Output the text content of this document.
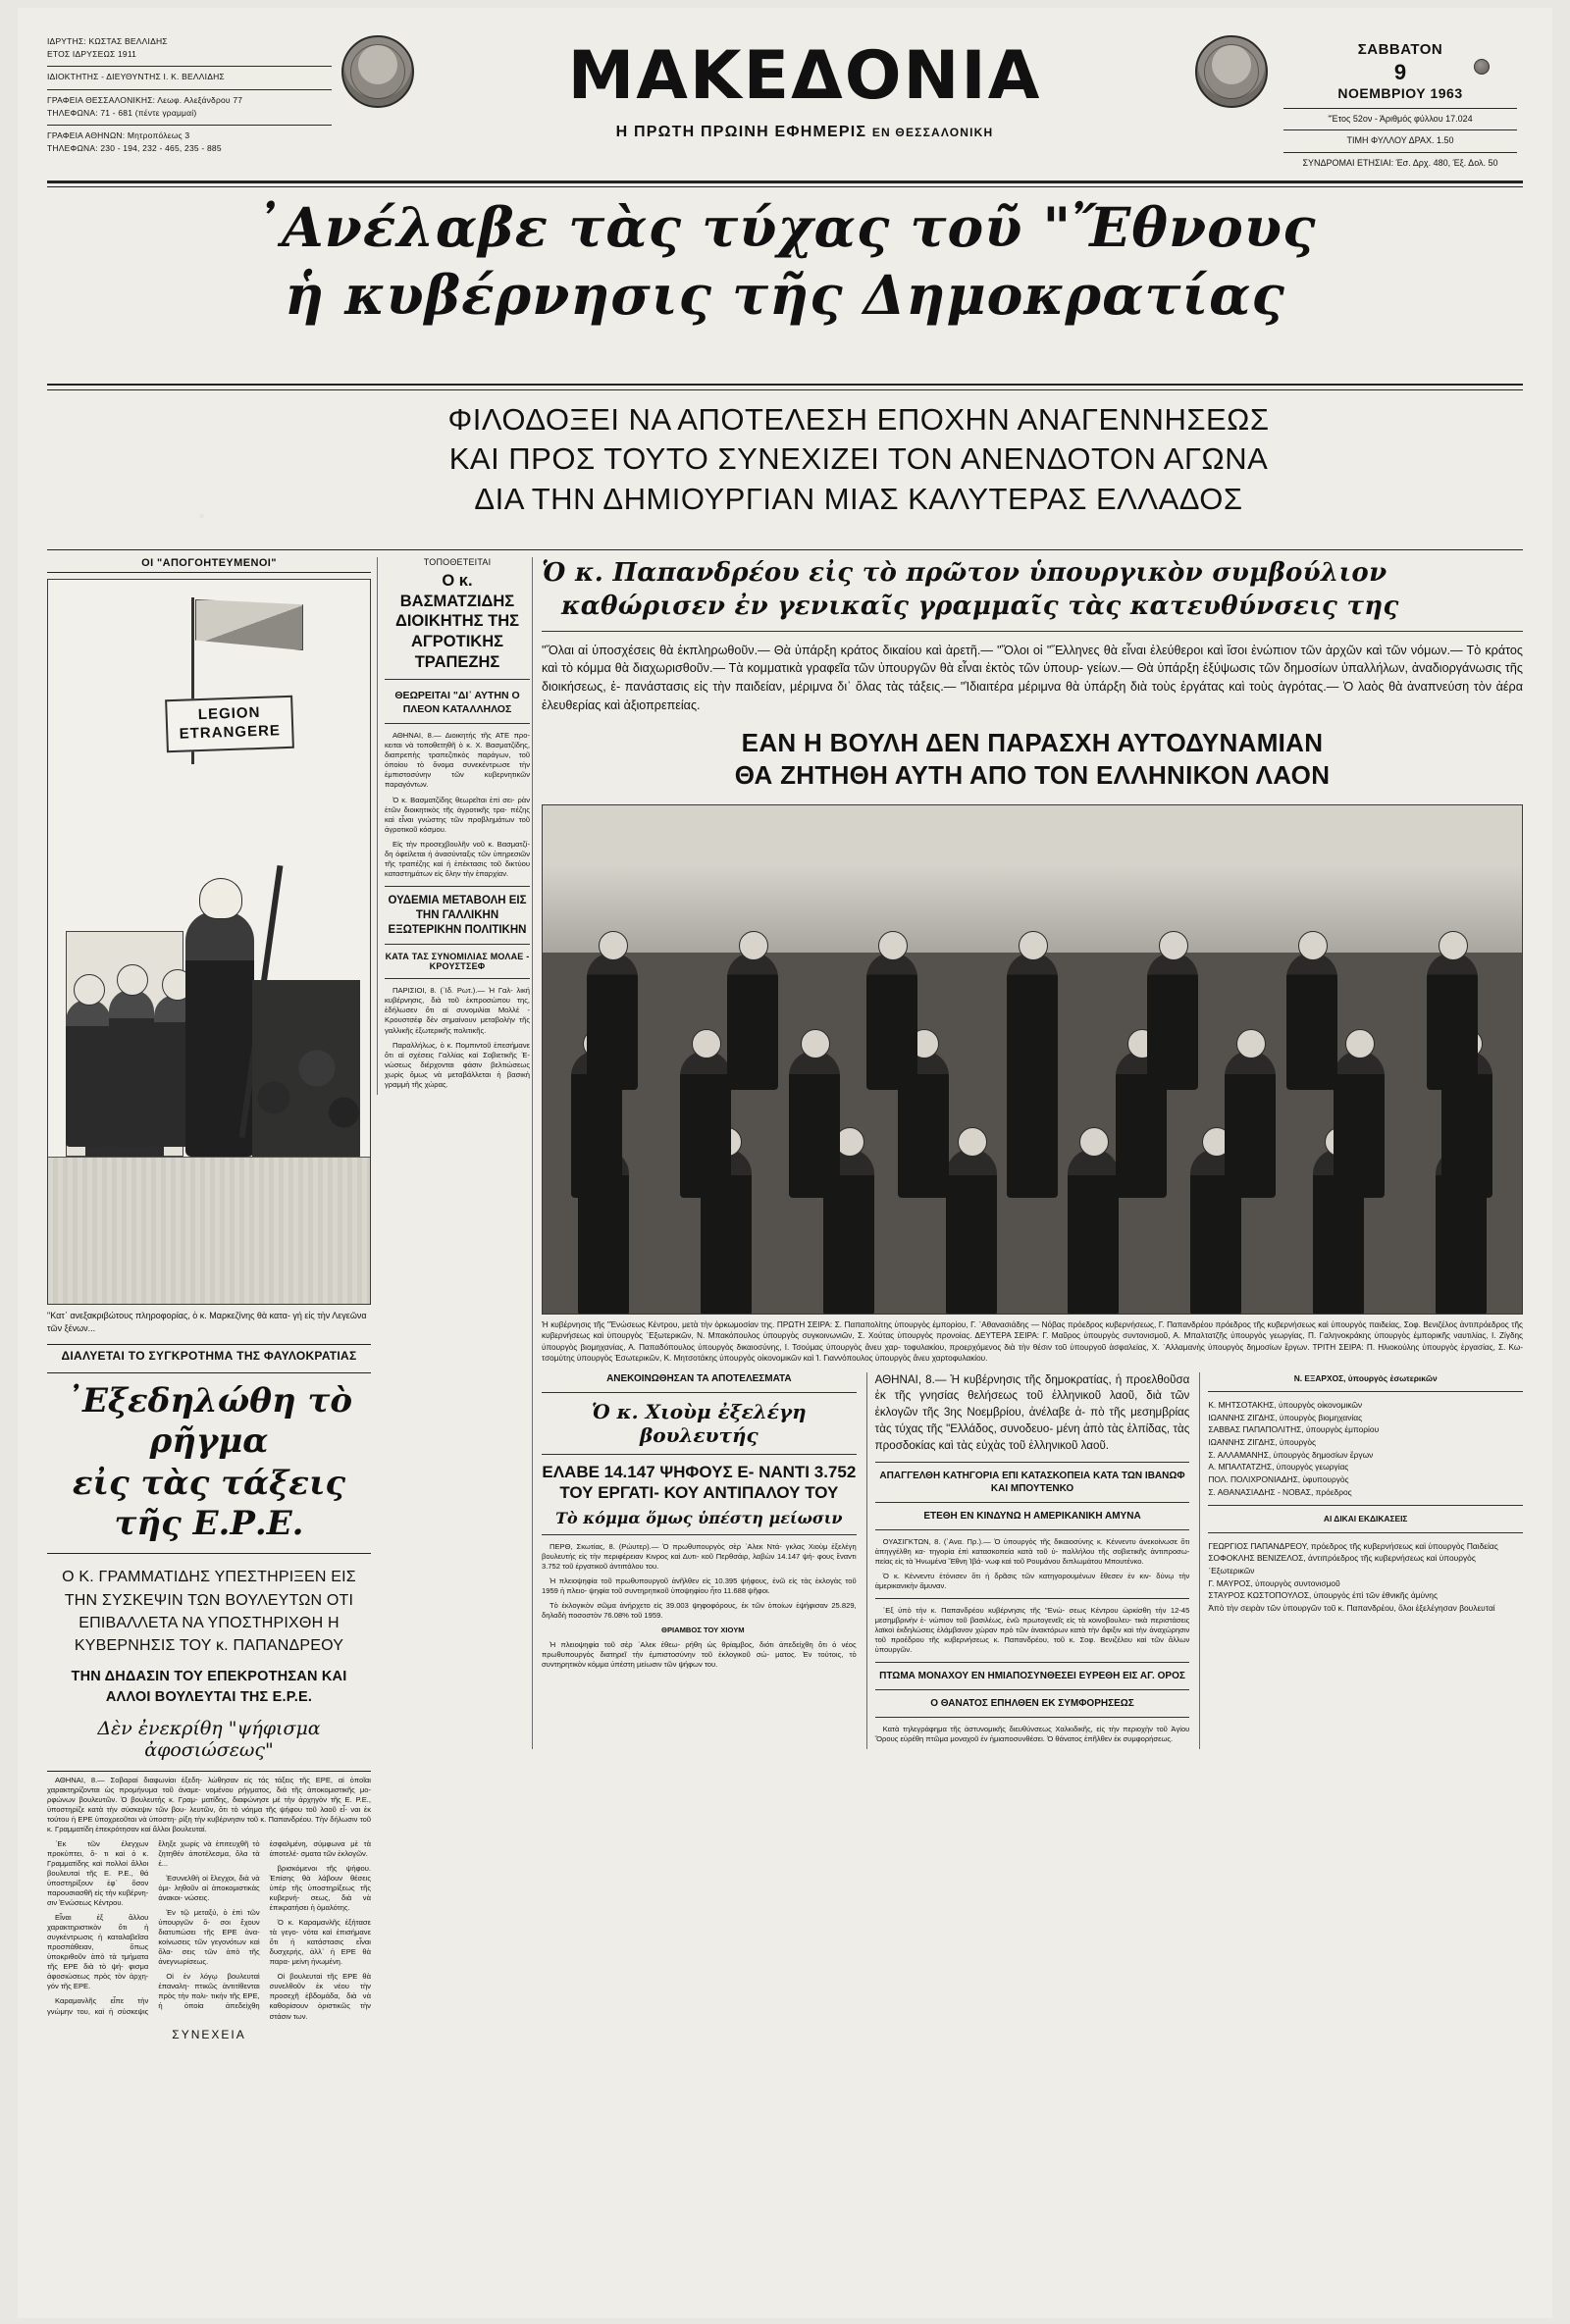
ΙΔΡΥΤΗΣ: ΚΩΣΤΑΣ ΒΕΛΛΙΔΗΣ
ΕΤΟΣ ΙΔΡΥΣΕΩΣ 1911
ΙΔΙΟΚΤΗΤΗΣ - ΔΙΕΥΘΥΝΤΗΣ Ι. Κ. ΒΕΛΛΙΔΗΣ
ΓΡΑΦΕΙΑ ΘΕΣΣΑΛΟΝΙΚΗΣ: Λεωφ. Αλεξάνδρου 77
ΤΗΛΕΦΩΝΑ: 71 - 681 (πέντε γραμμαί)
ΓΡΑΦΕΙΑ ΑΘΗΝΩΝ: Μητροπόλεως 3
ΤΗΛΕΦΩΝΑ: 230 - 194, 232 - 465, 235 - 885
ΜΑΚΕΔΟΝΙΑ
Η ΠΡΩΤΗ ΠΡΩΙΝΗ ΕΦΗΜΕΡΙΣ ΕΝ ΘΕΣΣΑΛΟΝΙΚΗ
ΣΑΒΒΑΤΟΝ
9
ΝΟΕΜΒΡΙΟΥ 1963
"Έτος 52ον - Άριθμός φύλλου 17.024
ΤΙΜΗ ΦΥΛΛΟΥ ΔΡΑΧ. 1.50
ΣΥΝΔΡΟΜΑΙ ΕΤΗΣΙΑΙ: Έσ. Δρχ. 480, Έξ. Δολ. 50
᾽Ανέλαβε τὰς τύχας τοῦ "Ἔθνους
ἡ κυβέρνησις τῆς Δημοκρατίας
ΦΙΛΟΔΟΞΕΙ ΝΑ ΑΠΟΤΕΛΕΣΗ ΕΠΟΧΗΝ ΑΝΑΓΕΝΝΗΣΕΩΣ
ΚΑΙ ΠΡΟΣ ΤΟΥΤΟ ΣΥΝΕΧΙΖΕΙ ΤΟΝ ΑΝΕΝΔΟΤΟΝ ΑΓΩΝΑ
ΔΙΑ ΤΗΝ ΔΗΜΙΟΥΡΓΙΑΝ ΜΙΑΣ ΚΑΛΥΤΕΡΑΣ ΕΛΛΑΔΟΣ
ΟΙ "ΑΠΟΓΟΗΤΕΥΜΕΝΟΙ"
LEGION ETRANGERE
"Κατ᾽ ανεξακριβώτους πληροφορίας, ὁ κ. Μαρκεζίνης θὰ κατα- γή εἰς τὴν Λεγεῶνα τῶν ξένων...
ΔΙΑΛΥΕΤΑΙ ΤΟ ΣΥΓΚΡΟΤΗΜΑ ΤΗΣ ΦΑΥΛΟΚΡΑΤΙΑΣ
᾽Εξεδηλώθη τὸ ρῆγμα
εἰς τὰς τάξεις τῆς Ε.Ρ.Ε.
Ο Κ. ΓΡΑΜΜΑΤΙΔΗΣ ΥΠΕΣΤΗΡΙΞΕΝ ΕΙΣ ΤΗΝ ΣΥΣΚΕΨΙΝ ΤΩΝ ΒΟΥΛΕΥΤΩΝ ΟΤΙ ΕΠΙΒΑΛΛΕΤΑ ΝΑ ΥΠΟΣΤΗΡΙΧΘΗ Η ΚΥΒΕΡΝΗΣΙΣ ΤΟΥ κ. ΠΑΠΑΝΔΡΕΟΥ
ΤΗΝ ΔΗΔΑΣΙΝ ΤΟΥ ΕΠΕΚΡΟΤΗΣΑΝ ΚΑΙ ΑΛΛΟΙ ΒΟΥΛΕΥΤΑΙ ΤΗΣ Ε.Ρ.Ε.
Δὲν ἐνεκρίθη "ψήφισμα ἀφοσιώσεως"

ΑΘΗΝΑΙ, 8.— Σοβαραί διαφωνίαι έξεδη- λώθησαν είς τάς τάξεις τῆς ΕΡΕ, αἱ ὁποῖαι χαρακτηρίζονται ὡς προμήνυμα τοῦ ἀναμε- νομένου ρήγματος, διά τῆς ἀποκομιστικῆς μο- ρφώνων βουλευτῶν. Ὁ βουλευτής κ. Γραμ- ματίδης, διαφώνησε μέ τὴν ἀρχηγὸν τῆς Ε. Ρ.Ε., ὑποστηρίζε κατὰ τὴν σύσκεψιν τῶν βου- λευτῶν, ὅτι τὸ νόημα τῆς ψήφου τοῦ λαοῦ εἶ- ναι ἐκ τούτου ἡ ΕΡΕ ὑποχρεοῦται νὰ ὑποστη- ρίξη τὴν κυβέρνησιν τοῦ κ. Παπανδρέου. Τὴν δήλωσιν τοῦ κ. Γραμματίδη ἐπεκρότησαν καί ἄλλοι βουλευταί.

᾽Εκ τῶν ἐλεγχων προκύπτει, ὅ- τι καὶ ὁ κ. Γραμματίδης καὶ πολλοί ἄλλοι βουλευταί τῆς Ε. Ρ.Ε., θά ὑποστηρίξουν ἐφ᾽ ὅσον παρουσιασθῆ εἰς τὴν κυβέρνη- σιν Ἑνώσεως Κέντρου.

Εἶναι ἐξ ἄλλου χαρακτηριστικὸν ὅτι ἡ συγκέντρωσις ἡ καταλαβεῖσα προσπάθειαν, ὅπως ὑποκριθοῦν ἀπὸ τὰ τμήματα τῆς ΕΡΕ διὰ τὸ ψή- φισμα ἀφοσιώσεως πρὸς τὸν ἀρχη- γόν τῆς ΕΡΕ.

Καραμανλῆς εἶπε τὴν γνώμην του, καὶ ἡ σύσκεψις ἔληξε χωρίς νὰ ἐπιτευχθῆ τὸ ζητηθέν ἀποτέλεσμα, ὅλα τὰ ἐ...

Ἐσυνελθὴ οἱ ἔλεγχοι, διὰ νὰ ὁμι- ληθοῦν αἱ ἀποκομιστικὰς ἀνακοι- νώσεις.

Ἐν τῷ μεταξύ, ὁ ἐπὶ τῶν ὑπουργῶν ὅ- σοι ἔχουν διατυπώσει τῆς ΕΡΕ ἀνα- κοίνωσεις τῶν γεγονότων καὶ ὅλα- σεις τῶν ἀπὸ τῆς ἀνεγνωρίσεως.

Οἱ ἐν λόγῳ βουλευταὶ ἐπαναλη- πτικῶς ἀντιτίθενται πρὸς τὴν πολι- τικήν τῆς ΕΡΕ, ἡ ὁποία ἀπεδείχθη ἐσφαλμένη, σύμφωνα μὲ τὰ ἀποτελέ- σματα τῶν ἐκλογῶν.

βρισκόμενοι τῆς ψήφου. Ἐπίσης θὰ λάβουν θέσεις ὑπέρ τῆς ὑποστηρίξεως τῆς κυβερνή- σεως, διὰ νὰ ἐπικρατήσει ἡ ὁμαλότης.

Ὁ κ. Καραμανλῆς ἐξήτασε τὰ γεγο- νότα καὶ ἐπισήμανε ὅτι ἡ κατάστασις εἶναι δυσχερής, ἀλλ᾽ ἡ ΕΡΕ θὰ παρα- μείνη ἡνωμένη.

Οἱ βουλευταὶ τῆς ΕΡΕ θὰ συνελθοῦν ἐκ νέου τὴν προσεχῆ ἑβδομάδα, διὰ νὰ καθορίσουν ὁριστικῶς τὴν στάσιν των.

ΣΥΝΕΧΕΙΑ
ΤΟΠΟΘΕΤΕΙΤΑΙ
Ο κ. ΒΑΣΜΑΤΖΙΔΗΣ ΔΙΟΙΚΗΤΗΣ ΤΗΣ ΑΓΡΟΤΙΚΗΣ ΤΡΑΠΕΖΗΣ
ΘΕΩΡΕΙΤΑΙ "ΔΙ᾽ ΑΥΤΗΝ Ο ΠΛΕΟΝ ΚΑΤΑΛΛΗΛΟΣ

ΑΘΗΝΑΙ, 8.— Διοικητής τῆς ΑΤΕ προ- κειται νὰ τοποθετηθῆ ὁ κ. Χ. Βασματζίδης, διαπρεπὴς τραπεζιτικὸς παράγων, τοῦ ὁποίου τὸ ὄνομα συνεκέντρωσε τὴν ἐμπιστοσύνην τῶν κυβερνητικῶν παραγόντων.

Ὁ κ. Βασματζίδης θεωρεῖται ἐπὶ σει- ρὰν ἐτῶν διοικητικὸς τῆς ἀγροτικῆς τρα- πέζης καὶ εἶναι γνώστης τῶν προβλημάτων τοῦ ἀγροτικοῦ κόσμου.

Εἰς τὴν προσεχβουλῆν νοῦ κ. Βασματζί- δη ὀφείλεται ἡ ἀνασύνταξις τῶν ὑπηρεσιῶν τῆς τραπέζης καὶ ἡ ἐπέκτασις τοῦ δικτύου καταστημάτων εἰς ὅλην τὴν ἐπαρχίαν.

ΟΥΔΕΜΙΑ ΜΕΤΑΒΟΛΗ ΕΙΣ ΤΗΝ ΓΑΛΛΙΚΗΝ ΕΞΩΤΕΡΙΚΗΝ ΠΟΛΙΤΙΚΗΝ
ΚΑΤΑ ΤΑΣ ΣΥΝΟΜΙΛΙΑΣ ΜΟΛΑΕ - ΚΡΟΥΣΤΣΕΦ

ΠΑΡΙΣΙΟΙ, 8. (᾽Ιδ. Ρωτ.).— Ἡ Γαλ- λική κυβέρνησις, διὰ τοῦ ἐκπροσώπου της, ἐδήλωσεν ὅτι αἱ συνομιλίαι Μολλέ - Κρουστσέφ δὲν σημαίνουν μεταβολὴν τῆς γαλλικῆς ἐξωτερικῆς πολιτικῆς.

Παραλλήλως, ὁ κ. Πομπιντοῦ ἐπεσήμανε ὅτι αἱ σχέσεις Γαλλίας καὶ Σοβιετικῆς Ἑ- νώσεως διέρχονται φάσιν βελτιώσεως χωρὶς ὅμως νὰ μεταβάλλεται ἡ βασικὴ γραμμὴ τῆς χώρας.

Ὁ κ. Παπανδρέου εἰς τὸ πρῶτον ὑπουργικὸν συμβούλιον
καθώρισεν ἐν γενικαῖς γραμμαῖς τὰς κατευθύνσεις της
"Ὅλαι αἱ ὑποσχέσεις θὰ ἐκπληρωθοῦν.— Θὰ ὑπάρξη κράτος δικαίου καὶ ἀρετῆ.— "Ὅλοι οἱ "Ἕλληνες θὰ εἶναι ἐλεύθεροι καὶ ἴσοι ἐνώπιον τῶν ἀρχῶν καὶ τῶν νόμων.— Τὸ κράτος καὶ τὸ κόμμα θὰ διαχωρισθοῦν.— Τὰ κομματικὰ γραφεῖα τῶν ὑπουργῶν θὰ εἶναι ἐκτὸς τῶν ὑπουρ- γείων.— Θὰ ὑπάρξη ἐξύψωσις τῶν δημοσίων ὑπαλλήλων, ἀναδιοργάνωσις τῆς διοικήσεως, ἐ- πανάστασις εἰς τὴν παιδείαν, μέριμνα δι᾽ ὅλας τὰς τάξεις.— "Ἰδιαιτέρα μέριμνα θὰ ὑπάρξη διὰ τοὺς ἐργάτας καὶ τοὺς ἀγρότας.— Ὁ λαὸς θὰ ἀναπνεύση τὸν ἀέρα ἐλευθερίας καὶ ἀξιοπρεπείας.
ΕΑΝ Η ΒΟΥΛΗ ΔΕΝ ΠΑΡΑΣΧΗ ΑΥΤΟΔΥΝΑΜΙΑΝ
ΘΑ ΖΗΤΗΘΗ ΑΥΤΗ ΑΠΟ ΤΟΝ ΕΛΛΗΝΙΚΟΝ ΛΑΟΝ
Ἡ κυβέρνησις τῆς "Ἑνώσεως Κέντρου, μετὰ τὴν ὁρκωμοσίαν της. ΠΡΩΤΗ ΣΕΙΡΑ: Σ. Παπαπολίτης ὑπουργὸς ἐμπορίου, Γ. ᾽Αθανασιάδης — Νόβας πρόεδρος κυβερνήσεως, Γ. Παπανδρέου πρόεδρος τῆς κυβερνήσεως καὶ ὑπουργὸς παιδείας, Σοφ. Βενιζέλος ἀντιπρόεδρος τῆς κυβερνήσεως καὶ ὑπουργὸς ᾽Εξωτερικῶν, Ν. Μπακόπουλος ὑπουργὸς συγκοινωνιῶν, Σ. Χούτας ὑπουργὸς προνοίας. ΔΕΥΤΕΡΑ ΣΕΙΡΑ: Γ. Μαῦρος ὑπουργὸς συντονισμοῦ, Α. Μπαλτατζῆς ὑπουργὸς γεωργίας, Π. Γαληνοκράκης ὑπουργὸς ἐμπορικῆς ναυτιλίας, Ι. Ζίγδης ὑπουργὸς βιομηχανίας, Α. Παπαδόπουλος ὑπουργὸς δικαιοσύνης, Ι. Τσούμας ὑπουργὸς ἄνευ χαρ- τοφυλακίου, προερχόμενος διὰ τὴν θέσιν τοῦ ὑπουργοῦ ἀσφαλείας, Χ. ᾽Αλλαμανὴς ὑπουργὸς δημοσίων ἔργων. ΤΡΙΤΗ ΣΕΙΡΑ: Π. Ηλιοκούλης ὑπουργὸς ἐργασίας, Σ. Κω- τσομύτης ὑπουργὸς Ἐσωτερικῶν, Κ. Μητσοτάκης ὑπουργὸς οἰκονομικῶν καὶ Ἰ. Γιαννόπουλος ὑπουργὸς ἄνευ χαρτοφυλακίου.
ΑΝΕΚΟΙΝΩΘΗΣΑΝ ΤΑ ΑΠΟΤΕΛΕΣΜΑΤΑ
Ὁ κ. Χιοὺμ ἐξελέγη βουλευτής
ΕΛΑΒΕ 14.147 ΨΗΦΟΥΣ Ε- ΝΑΝΤΙ 3.752 ΤΟΥ ΕΡΓΑΤΙ- ΚΟΥ ΑΝΤΙΠΑΛΟΥ ΤΟΥ
Τὸ κόμμα ὅμως ὑπέστη μείωσιν

ΠΕΡΘ, Σκωτίας, 8. (Ρώυτερ).— Ὁ πρωθυπουργὸς σὲρ ᾽Αλεκ Ντά- γκλας Χιοὺμ ἐξελέγη βουλευτής εἰς τὴν περιφέρειαν Κινρος καὶ Δυτι- κοῦ Περθσάιρ, λαβὼν 14.147 ψή- φους ἔναντι 3.752 τοῦ ἐργατικοῦ ἀντιπάλου του.

Ἡ πλειοψηφία τοῦ πρωθυπουργοῦ ἀνῆλθεν εἰς 10.395 ψήφους, ἐνῶ εἰς τὰς ἐκλογὰς τοῦ 1959 ἡ πλειο- ψηφία τοῦ συντηρητικοῦ ὑποψηφίου ἦτο 11.688 ψῆφοι.

Τὸ ἐκλογικὸν σῶμα ἀνήρχετο εἰς 39.003 ψηφοφόρους, ἐκ τῶν ὁποίων ἐψήφισαν 25.829, δηλαδὴ ποσοστὸν 76.08% τοῦ 1959.

ΘΡΙΑΜΒΟΣ ΤΟΥ ΧΙΟΥΜ

Ἡ πλειοψηφία τοῦ σὲρ ᾽Αλεκ ἐθεω- ρήθη ὡς θρίαμβος, διότι ἀπεδείχθη ὅτι ὁ νέος πρωθυπουργὸς διατηρεῖ τὴν ἐμπιστοσύνην τοῦ ἐκλογικοῦ σώ- ματος. Ἐν τούτοις, τὸ συντηρητικὸν κόμμα ὑπέστη μείωσιν τῶν ψήφων του.

ΑΘΗΝΑΙ, 8.— Ἡ κυβέρνησις τῆς δημοκρατίας, ἡ προελθοῦσα ἐκ τῆς γνησίας θελήσεως τοῦ ἑλληνικοῦ λαοῦ, διὰ τῶν ἐκλογῶν τῆς 3ης Νοεμβρίου, ἀνέλαβε ἀ- πὸ τῆς μεσημβρίας τὰς τύχας τῆς "Ελλάδος, συνοδευο- μένη ἀπὸ τὰς ἐλπίδας, τὰς προσδοκίας καὶ τὰς εὐχὰς τοῦ ἑλληνικοῦ λαοῦ.
ΑΠΑΓΓΕΛΘΗ ΚΑΤΗΓΟΡΙΑ ΕΠΙ ΚΑΤΑΣΚΟΠΕΙΑ ΚΑΤΑ ΤΩΝ ΙΒΑΝΩΦ ΚΑΙ ΜΠΟΥΤΕΝΚΟ
ΕΤΕΘΗ ΕΝ ΚΙΝΔΥΝΩ Η ΑΜΕΡΙΚΑΝΙΚΗ ΑΜΥΝΑ

ΟΥΑΣΙΓΚΤΩΝ, 8. (᾽Ανα. Πρ.).— Ὁ ὑπουργὸς τῆς δικαιοσύνης κ. Κέννεντυ ἀνεκοίνωσε ὅτι ἀπηγγέλθη κα- τηγορία ἐπὶ κατασκοπεία κατὰ τοῦ ὑ- παλλήλου τῆς σοβιετικῆς ἀντιπροσω- πείας εἰς τὰ Ἡνωμένα Ἔθνη Ἰβά- νωφ καὶ τοῦ Ρουμάνου διπλωμάτου Μπουτένκο.

Ὁ κ. Κέννεντυ ἐτόνισεν ὅτι ἡ δρᾶσις τῶν κατηγορουμένων ἔθεσεν ἐν κιν- δύνῳ τὴν ἀμερικανικὴν ἄμυναν.

᾽Εξ ὑπὸ τὴν κ. Παπανδρέου κυβέρνησις τῆς "Ενώ- σεως Κέντρου ὡρκίσθη τὴν 12-45 μεσημβρινὴν ἐ- νώπιον τοῦ βασιλέως, ἐνῶ πρωτογενεῖς εἰς τὰ κοινοβουλευ- τικὰ περιστάσεις λαϊκοὶ ἐκδηλώσεις ἐλάμβανον χώραν πρὸ τῶν ἀνακτόρων κατὰ τὴν ἄφιξιν καὶ τὴν ἀναχώρησιν τοῦ προέδρου τῆς κυβερνήσεως κ. Παπανδρέου, τοῦ κ. Σοφ. Βενιζέλου καὶ τῶν ἄλλων ὑπουργῶν.

ΠΤΩΜΑ ΜΟΝΑΧΟΥ ΕΝ ΗΜΙΑΠΟΣΥΝΘΕΣΕΙ ΕΥΡΕΘΗ ΕΙΣ ΑΓ. ΟΡΟΣ
Ο ΘΑΝΑΤΟΣ ΕΠΗΛΘΕΝ ΕΚ ΣΥΜΦΟΡΗΣΕΩΣ

Κατὰ τηλεγράφημα τῆς ἀστυνομικῆς διευθύνσεως Χαλκιδικῆς, εἰς τὴν περιοχὴν τοῦ Ἁγίου Ὄρους εὑρέθη πτῶμα μοναχοῦ ἐν ἡμιαποσυνθέσει. Ὁ θάνατος ἐπῆλθεν ἐκ συμφορήσεως.

Ν. ΕΞΑΡΧΟΣ, ὑπουργὸς ἐσωτερικῶν
Κ. ΜΗΤΣΟΤΑΚΗΣ, ὑπουργὸς οἰκονομικῶν
ΙΩΑΝΝΗΣ ΖΙΓΔΗΣ, ὑπουργὸς βιομηχανίας
ΣΑΒΒΑΣ ΠΑΠΑΠΟΛΙΤΗΣ, ὑπουργὸς ἐμπορίου
ΙΩΑΝΝΗΣ ΖΙΓΔΗΣ, ὑπουργὸς
Σ. ΑΛΛΑΜΑΝΗΣ, ὑπουργὸς δημοσίων ἔργων
Α. ΜΠΑΛΤΑΤΖΗΣ, ὑπουργὸς γεωργίας
ΠΟΛ. ΠΟΛΙΧΡΟΝΙΑΔΗΣ, ὑφυπουργὸς
Σ. ΑΘΑΝΑΣΙΑΔΗΣ - ΝΟΒΑΣ, πρόεδρος
ΑΙ ΔΙΚΑΙ ΕΚΔΙΚΑΣΕΙΣ
ΓΕΩΡΓΙΟΣ ΠΑΠΑΝΔΡΕΟΥ, πρόεδρος τῆς κυβερνήσεως καὶ ὑπουργὸς Παιδείας
ΣΟΦΟΚΛΗΣ ΒΕΝΙΖΕΛΟΣ, ἀντιπρόεδρος τῆς κυβερνήσεως καὶ ὑπουργὸς ᾽Εξωτερικῶν
Γ. ΜΑΥΡΟΣ, ὑπουργὸς συντονισμοῦ
ΣΤΑΥΡΟΣ ΚΩΣΤΟΠΟΥΛΟΣ, ὑπουργὸς ἐπὶ τῶν ἐθνικῆς ἀμύνης
Ἀπὸ τὴν σειρὰν τῶν ὑπουργῶν τοῦ κ. Παπανδρέου, ὅλοι ἐξελέγησαν βουλευταί
